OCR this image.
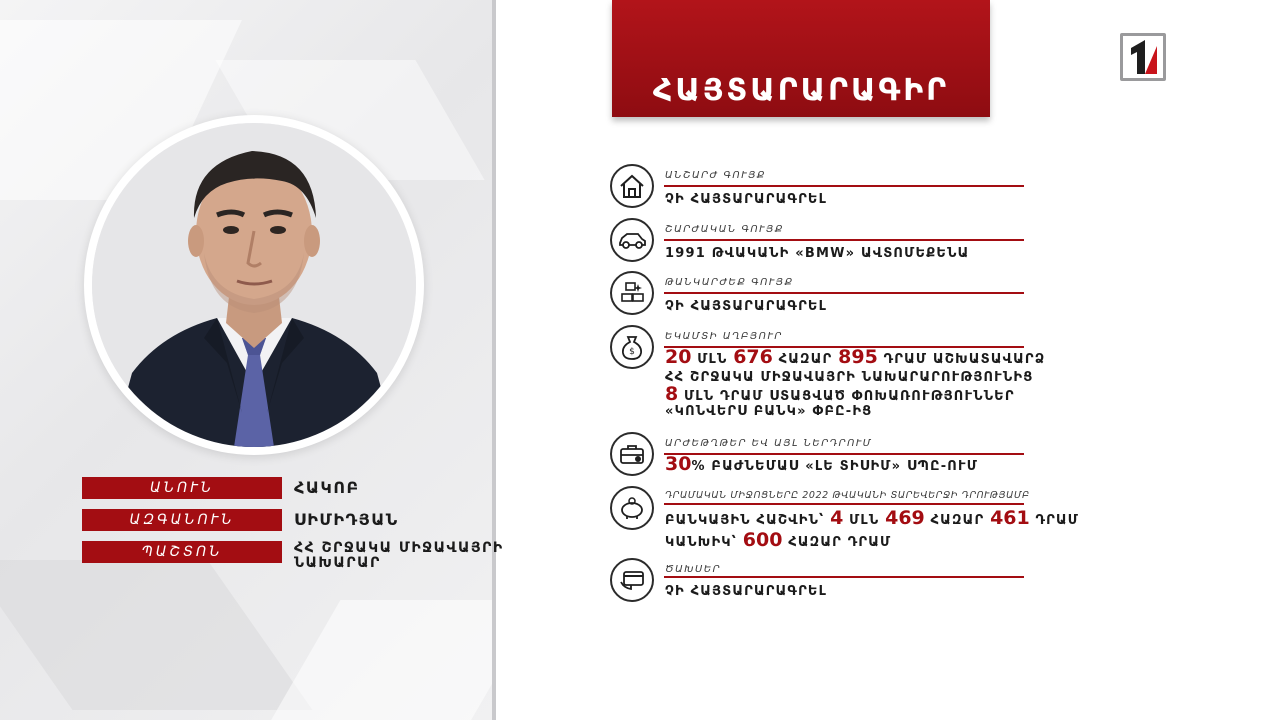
ԱՆՈՒՆ	ՀԱԿՈԲ
ԱԶԳԱՆՈՒՆ	ՍԻՄԻԴՅԱՆ
ՊԱՇՏՈՆ	ՀՀ ՇՐՋԱԿԱ ՄԻՋԱՎԱՅՐԻ ՆԱԽԱՐԱՐ
ՀԱՅՏԱՐԱՐԱԳԻՐ
ԱՆՇԱՐԺ ԳՈՒՅՔ
ՉԻ ՀԱՅՏԱՐԱՐԱԳՐԵԼ
ՇԱՐԺԱԿԱՆ ԳՈՒՅՔ
1991 ԹՎԱԿԱՆԻ «BMW» ԱՎՏՈՄԵՔԵՆԱ
ԹԱՆԿԱՐԺԵՔ ԳՈՒՅՔ
ՉԻ ՀԱՅՏԱՐԱՐԱԳՐԵԼ
$
ԵԿԱՄՏԻ ԱՂԲՅՈՒՐ
20 ՄԼՆ 676 ՀԱԶԱՐ 895 ԴՐԱՄ ԱՇԽԱՏԱՎԱՐՁ
ՀՀ ՇՐՋԱԿԱ ՄԻՋԱՎԱՅՐԻ ՆԱԽԱՐԱՐՈՒԹՅՈՒՆԻՑ
8 ՄԼՆ ԴՐԱՄ ՍՏԱՑՎԱԾ ՓՈԽԱՌՈՒԹՅՈՒՆՆԵՐ
«ԿՈՆՎԵՐՍ ԲԱՆԿ» ՓԲԸ-ԻՑ
ԱՐԺԵԹՂԹԵՐ ԵՎ ԱՅԼ ՆԵՐԴՐՈՒՄ
30% ԲԱԺՆԵՄԱՍ «ԼԵ ՏԻՍԻՄ» ՍՊԸ-ՈՒՄ
ԴՐԱՄԱԿԱՆ ՄԻՋՈՑՆԵՐԸ 2022 ԹՎԱԿԱՆԻ ՏԱՐԵՎԵՐՋԻ ԴՐՈՒԹՅԱՄԲ
ԲԱՆԿԱՅԻՆ ՀԱՇՎԻՆ՝ 4 ՄԼՆ 469 ՀԱԶԱՐ 461 ԴՐԱՄ
ԿԱՆԽԻԿ՝ 600 ՀԱԶԱՐ ԴՐԱՄ
ԾԱԽՍԵՐ
ՉԻ ՀԱՅՏԱՐԱՐԱԳՐԵԼ
